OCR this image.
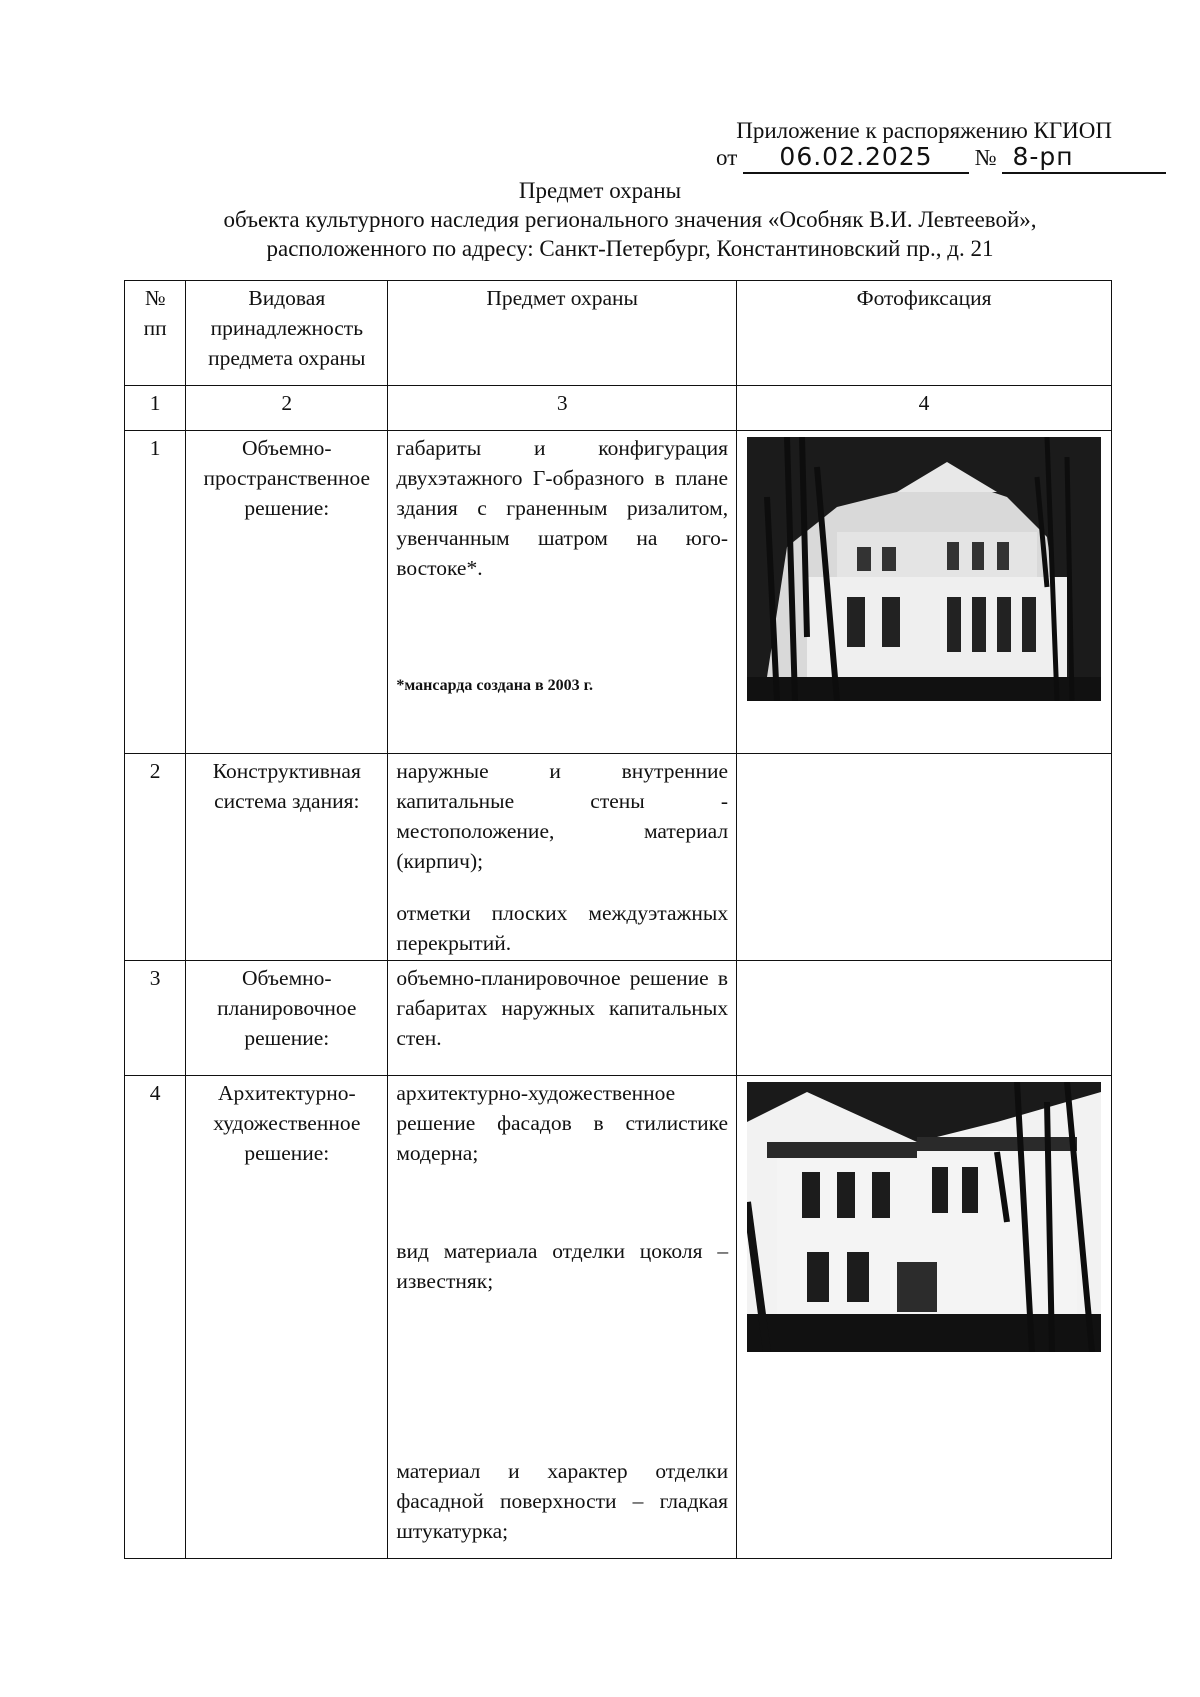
Приложение к распоряжению КГИОП
от 06.02.2025 № 8-рп
Предмет охраны
объекта культурного наследия регионального значения «Особняк В.И. Левтеевой»,
расположенного по адресу: Санкт-Петербург, Константиновский пр., д. 21
№ пп	Видовая принадлежность предмета охраны	Предмет охраны	Фотофиксация
1	2	3	4
1	Объемно-пространственное решение:	габариты и конфигурация двухэтажного Г-образного в плане здания с граненным ризалитом, увенчанным шатром на юго-востоке*.
*мансарда создана в 2003 г.

2	Конструктивная система здания:	наружные и внутренние капитальные стены - местоположение, материал (кирпич);
отметки плоских междуэтажных перекрытий.	

3	Объемно-планировочное решение:	объемно-планировочное решение в габаритах наружных капитальных стен.	

4	Архитектурно-художественное решение:	архитектурно-художественное решение фасадов в стилистике модерна;
вид материала отделки цоколя – известняк;
материал и характер отделки фасадной поверхности – гладкая штукатурка;
